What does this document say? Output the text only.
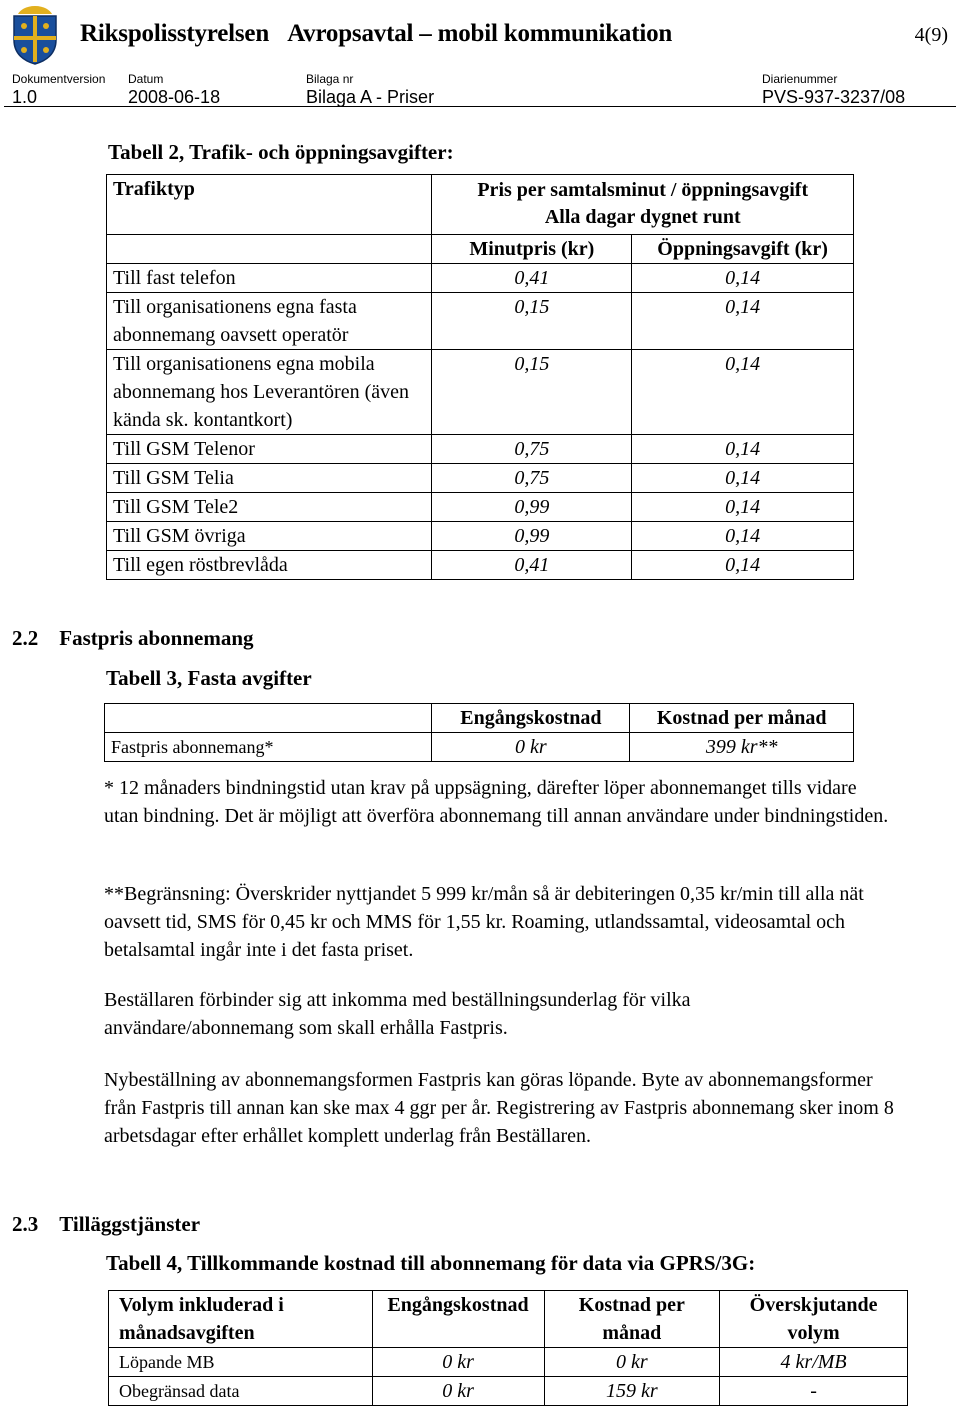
Rikspolisstyrelsen Avropsavtal – mobil kommunikation	4(9)
Dokumentversion Datum	Bilaga nr	Diarienummer
1.0	2008-06-18	Bilaga A - Priser	PVS-937-3237/08
Tabell 2, Trafik- och öppningsavgifter:
Trafiktyp	Pris per samtalsminut / öppningsavgift
Alla dagar dygnet runt	

	Minutpris (kr)	Öppningsavgift (kr)
Till fast telefon	0,41	0,14
Till organisationens egna fasta abonnemang oavsett operatör	0,15	0,14
Till organisationens egna mobila abonnemang hos Leverantören (även kända sk. kontantkort)	0,15	0,14
Till GSM Telenor	0,75	0,14
Till GSM Telia	0,75	0,14
Till GSM Tele2	0,99	0,14
Till GSM övriga	0,99	0,14
Till egen röstbrevlåda	0,41	0,14
2.2 Fastpris abonnemang
Tabell 3, Fasta avgifter
	Engångskostnad	Kostnad per månad
Fastpris abonnemang*	0 kr	399 kr**
* 12 månaders bindningstid utan krav på uppsägning, därefter löper abonnemanget tills vidare utan bindning. Det är möjligt att överföra abonnemang till annan användare under bindningstiden.
**Begränsning: Överskrider nyttjandet 5 999 kr/mån så är debiteringen 0,35 kr/min till alla nät oavsett tid, SMS för 0,45 kr och MMS för 1,55 kr. Roaming, utlandssamtal, videosamtal och betalsamtal ingår inte i det fasta priset.
Beställaren förbinder sig att inkomma med beställningsunderlag för vilka användare/abonnemang som skall erhålla Fastpris.
Nybeställning av abonnemangsformen Fastpris kan göras löpande. Byte av abonnemangsformer från Fastpris till annan kan ske max 4 ggr per år. Registrering av Fastpris abonnemang sker inom 8 arbetsdagar efter erhållet komplett underlag från Beställaren.
2.3 Tilläggstjänster
Tabell 4, Tillkommande kostnad till abonnemang för data via GPRS/3G:
Volym inkluderad i månadsavgiften	Engångskostnad	Kostnad per månad	Överskjutande volym
Löpande MB	0 kr	0 kr	4 kr/MB
Obegränsad data	0 kr	159 kr	-
